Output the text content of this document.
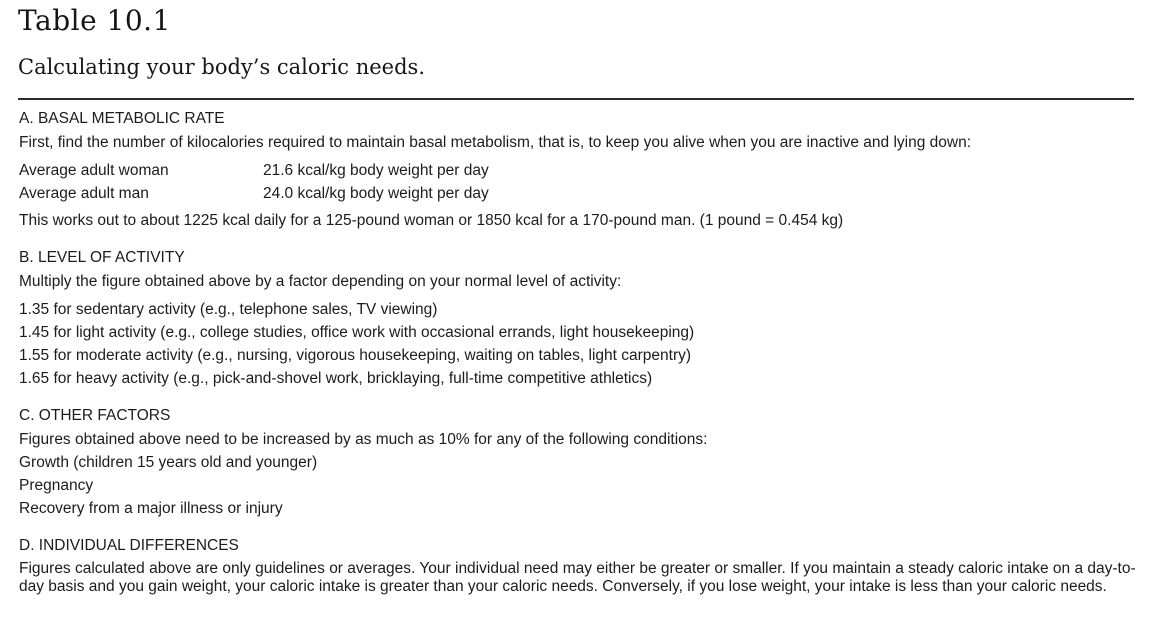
Table 10.1
Calculating your body’s caloric needs.
A. BASAL METABOLIC RATE
First, find the number of kilocalories required to maintain basal metabolism, that is, to keep you alive when you are inactive and lying down:
Average adult woman	21.6 kcal/kg body weight per day
Average adult man	24.0 kcal/kg body weight per day
This works out to about 1225 kcal daily for a 125-pound woman or 1850 kcal for a 170-pound man. (1 pound = 0.454 kg)
B. LEVEL OF ACTIVITY
Multiply the figure obtained above by a factor depending on your normal level of activity:
1.35 for sedentary activity (e.g., telephone sales, TV viewing)
1.45 for light activity (e.g., college studies, office work with occasional errands, light housekeeping)
1.55 for moderate activity (e.g., nursing, vigorous housekeeping, waiting on tables, light carpentry)
1.65 for heavy activity (e.g., pick-and-shovel work, bricklaying, full-time competitive athletics)
C. OTHER FACTORS
Figures obtained above need to be increased by as much as 10% for any of the following conditions:
Growth (children 15 years old and younger)
Pregnancy
Recovery from a major illness or injury
D. INDIVIDUAL DIFFERENCES
Figures calculated above are only guidelines or averages. Your individual need may either be greater or smaller. If you maintain a steady caloric intake on a day-to-day basis and you gain weight, your caloric intake is greater than your caloric needs. Conversely, if you lose weight, your intake is less than your caloric needs.
